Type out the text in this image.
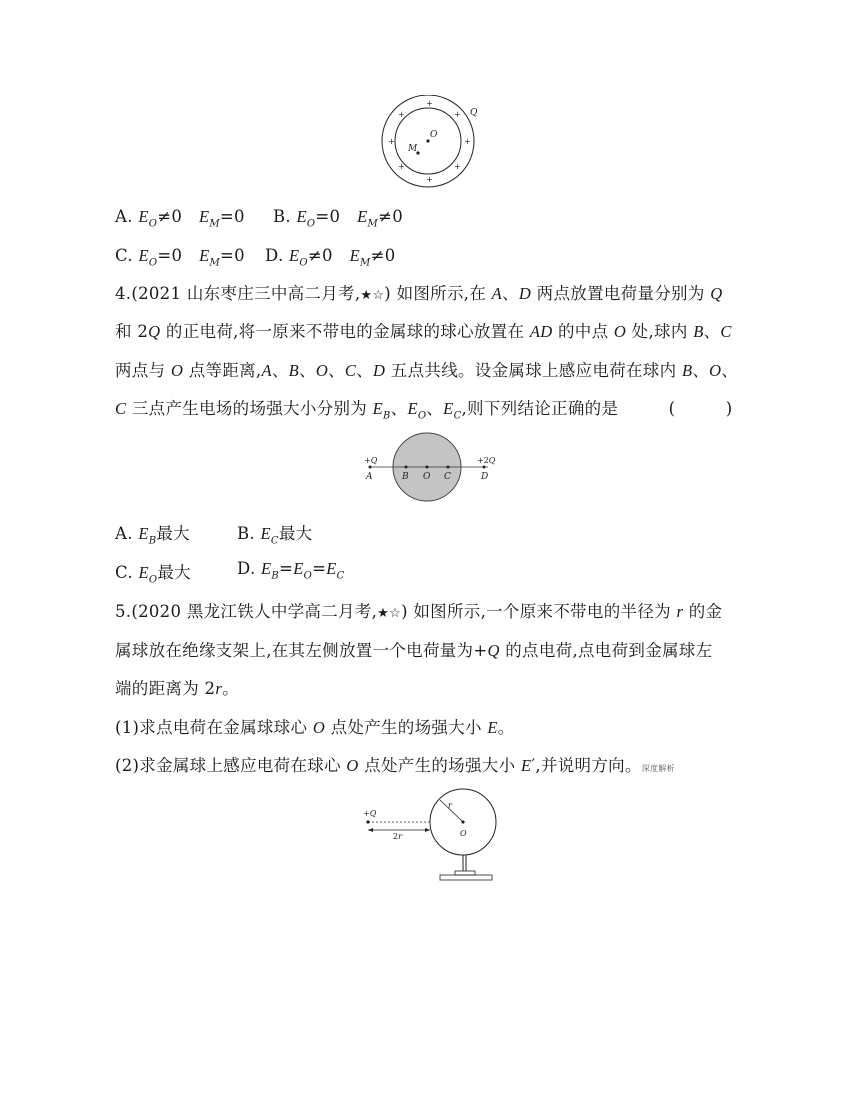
+
+	+
+	+
+	+
+
Q
O
M
A. $E_O\ne 0$　$E_M=0$ B. $E_O=0$　$E_M\ne 0$
C. $E_O=0$　$E_M=0$ D. $E_O\ne 0$　$E_M\ne 0$
4.(2021 山东枣庄三中高二月考,★☆) 如图所示,在 A、D 两点放置电荷量分别为 Q
和 2Q 的正电荷,将一原来不带电的金属球的球心放置在 AD 的中点 O 处,球内 B、C
两点与 O 点等距离,A、B、O、C、D 五点共线。设金属球上感应电荷在球内 B、O、
C 三点产生电场的场强大小分别为 $E_B$、$E_O$、$E_C$,则下列结论正确的是　　　(　　　)
+Q
A	B O C
+2Q
D
A. $E_B$最大	B. $E_C$最大
C. $E_O$最大	D. $E_B=E_O=E_C$
5.(2020 黑龙江铁人中学高二月考,★☆) 如图所示,一个原来不带电的半径为 r 的金
属球放在绝缘支架上,在其左侧放置一个电荷量为+Q 的点电荷,点电荷到金属球左
端的距离为 2r。
(1)求点电荷在金属球球心 O 点处产生的场强大小 E。
(2)求金属球上感应电荷在球心 O 点处产生的场强大小 E′,并说明方向。深度解析
r
O
+Q
2r
